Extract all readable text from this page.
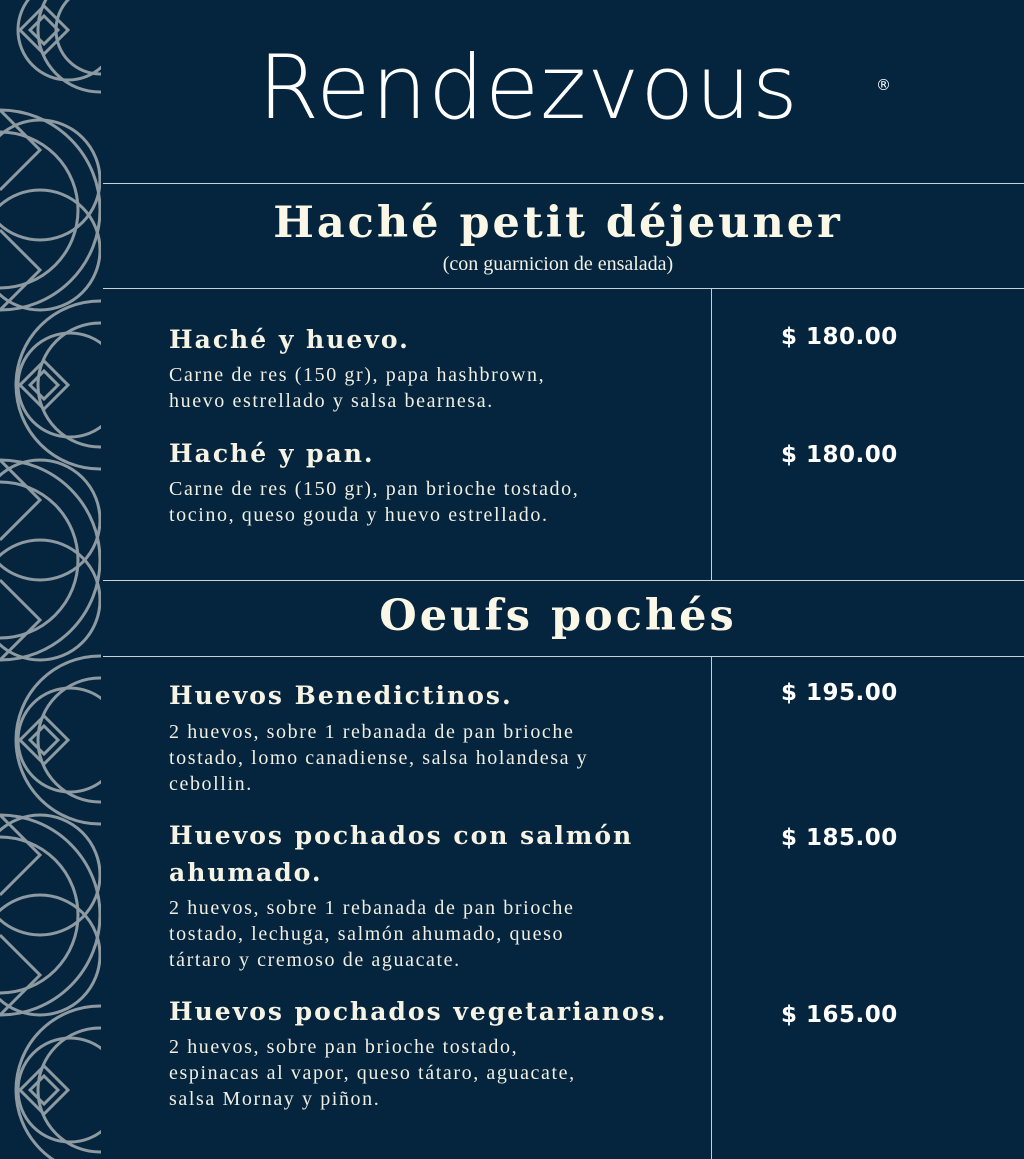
Rendezvous	®
Haché petit déjeuner
(con guarnicion de ensalada)
Haché y huevo.
Carne de res (150 gr), papa hashbrown,
huevo estrellado y salsa bearnesa.
$ 180.00
Haché y pan.
Carne de res (150 gr), pan brioche tostado,
tocino, queso gouda y huevo estrellado.
$ 180.00
Oeufs pochés
Huevos Benedictinos.
2 huevos, sobre 1 rebanada de pan brioche
tostado, lomo canadiense, salsa holandesa y
cebollin.
$ 195.00
Huevos pochados con salmón
ahumado.
2 huevos, sobre 1 rebanada de pan brioche
tostado, lechuga, salmón ahumado, queso
tártaro y cremoso de aguacate.
$ 185.00
Huevos pochados vegetarianos.
2 huevos, sobre pan brioche tostado,
espinacas al vapor, queso tátaro, aguacate,
salsa Mornay y piñon.
$ 165.00
